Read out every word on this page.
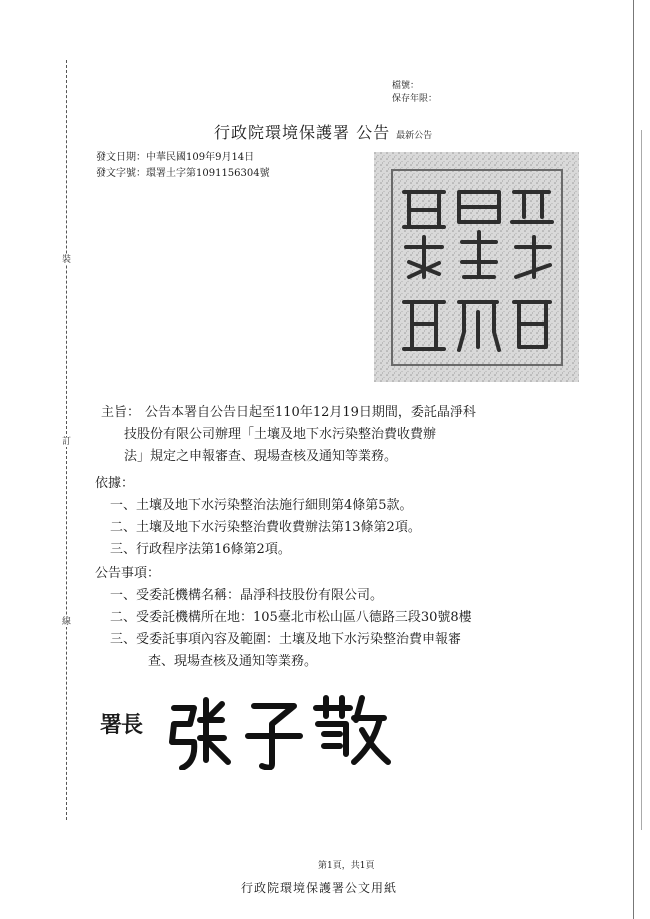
裝
訂
線
檔號：
保存年限：
行政院環境保護署 公告 最新公告
發文日期：中華民國109年9月14日
發文字號：環署土字第1091156304號
主旨： 公告本署自公告日起至110年12月19日期間，委託晶淨科
技股份有限公司辦理「土壤及地下水污染整治費收費辦
法」規定之申報審查、現場查核及通知等業務。
依據：
一、土壤及地下水污染整治法施行細則第4條第5款。
二、土壤及地下水污染整治費收費辦法第13條第2項。
三、行政程序法第16條第2項。
公告事項：
一、受委託機構名稱：晶淨科技股份有限公司。
二、受委託機構所在地：105臺北市松山區八德路三段30號8樓
三、受委託事項內容及範圍：土壤及地下水污染整治費申報審
查、現場查核及通知等業務。
署長
第1頁，共1頁
行政院環境保護署公文用紙
